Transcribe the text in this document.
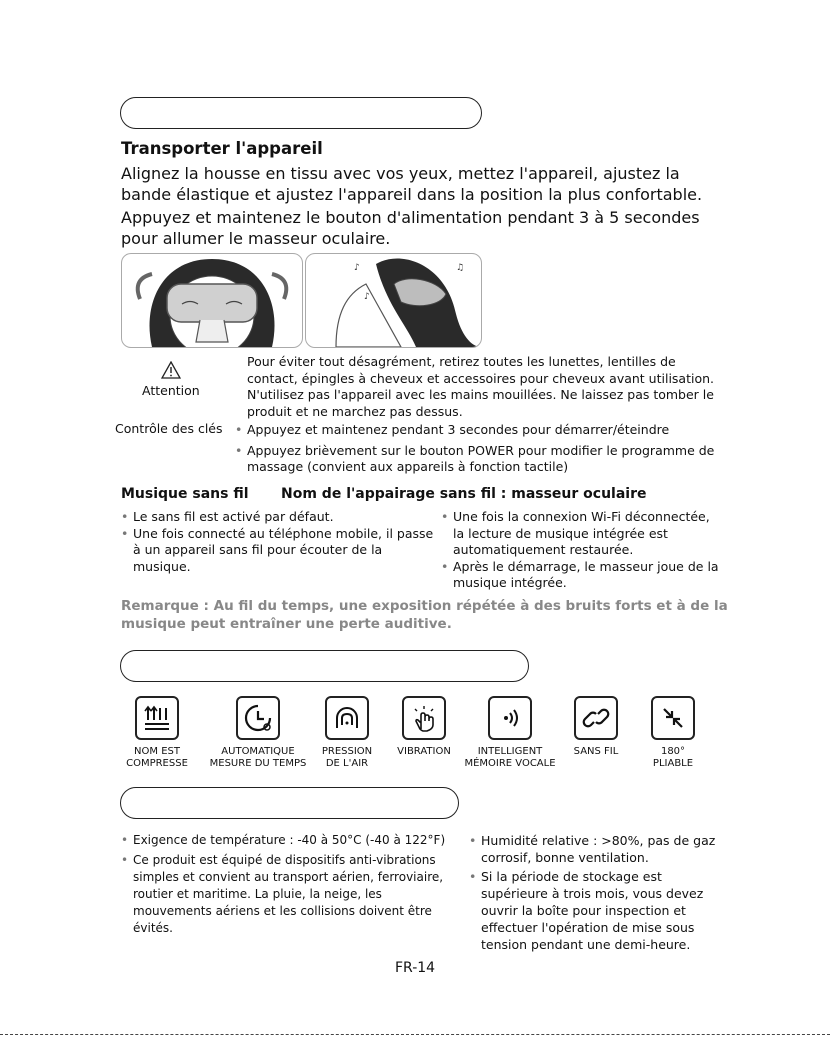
Transporter l'appareil
Alignez la housse en tissu avec vos yeux, mettez l'appareil, ajustez la bande élastique et ajustez l'appareil dans la position la plus confortable.
Appuyez et maintenez le bouton d'alimentation pendant 3 à 5 secondes pour allumer le masseur oculaire.
♪	♫
♪
Attention
Pour éviter tout désagrément, retirez toutes les lunettes, lentilles de contact, épingles à cheveux et accessoires pour cheveux avant utilisation. N'utilisez pas l'appareil avec les mains mouillées. Ne laissez pas tomber le produit et ne marchez pas dessus.
Contrôle des clés
•	Appuyez et maintenez pendant 3 secondes pour démarrer/éteindre
• Appuyez brièvement sur le bouton POWER pour modifier le programme de massage (convient aux appareils à fonction tactile)
Musique sans fil Nom de l'appairage sans fil : masseur oculaire
• Le sans fil est activé par défaut.
• Une fois connecté au téléphone mobile, il passe à un appareil sans fil pour écouter de la musique.
• Une fois la connexion Wi-Fi déconnectée, la lecture de musique intégrée est automatiquement restaurée.
• Après le démarrage, le masseur joue de la musique intégrée.
Remarque : Au fil du temps, une exposition répétée à des bruits forts et à de la musique peut entraîner une perte auditive.
NOM EST
COMPRESSE
AUTOMATIQUE
MESURE DU TEMPS
PRESSION
DE L'AIR
VIBRATION	INTELLIGENT
MÉMOIRE VOCALE
SANS FIL	180°
PLIABLE
• Exigence de température : -40 à 50°C (-40 à 122°F)
• Ce produit est équipé de dispositifs anti-vibrations simples et convient au transport aérien, ferroviaire, routier et maritime. La pluie, la neige, les mouvements aériens et les collisions doivent être évités.
• Humidité relative : >80%, pas de gaz corrosif, bonne ventilation.
• Si la période de stockage est supérieure à trois mois, vous devez ouvrir la boîte pour inspection et effectuer l'opération de mise sous tension pendant une demi-heure.
FR-14
